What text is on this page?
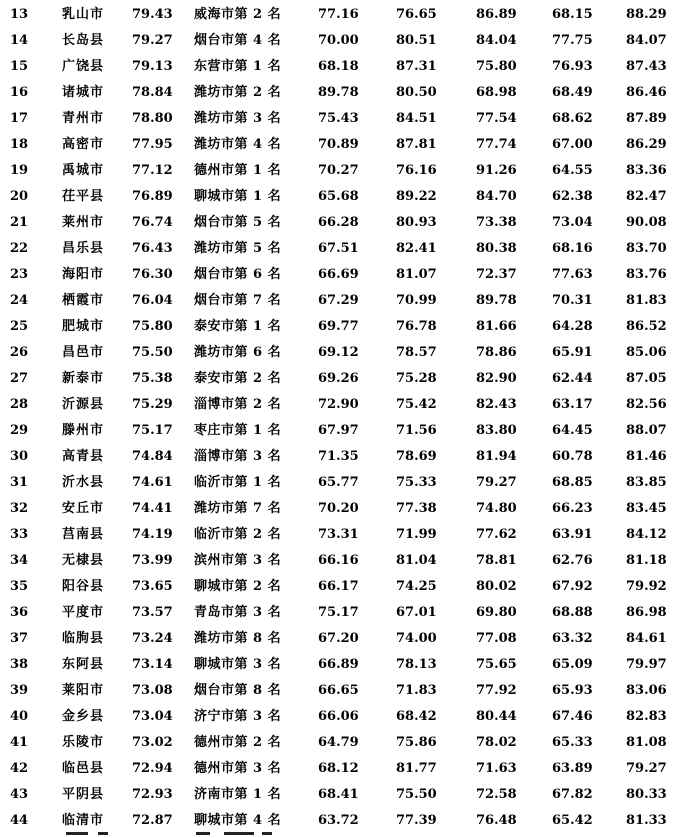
13	乳山市	79.43	威海市第 2 名	77.16	76.65	86.89	68.15	88.29
14	长岛县	79.27	烟台市第 4 名	70.00	80.51	84.04	77.75	84.07
15	广饶县	79.13	东营市第 1 名	68.18	87.31	75.80	76.93	87.43
16	诸城市	78.84	潍坊市第 2 名	89.78	80.50	68.98	68.49	86.46
17	青州市	78.80	潍坊市第 3 名	75.43	84.51	77.54	68.62	87.89
18	高密市	77.95	潍坊市第 4 名	70.89	87.81	77.74	67.00	86.29
19	禹城市	77.12	德州市第 1 名	70.27	76.16	91.26	64.55	83.36
20	茌平县	76.89	聊城市第 1 名	65.68	89.22	84.70	62.38	82.47
21	莱州市	76.74	烟台市第 5 名	66.28	80.93	73.38	73.04	90.08
22	昌乐县	76.43	潍坊市第 5 名	67.51	82.41	80.38	68.16	83.70
23	海阳市	76.30	烟台市第 6 名	66.69	81.07	72.37	77.63	83.76
24	栖霞市	76.04	烟台市第 7 名	67.29	70.99	89.78	70.31	81.83
25	肥城市	75.80	泰安市第 1 名	69.77	76.78	81.66	64.28	86.52
26	昌邑市	75.50	潍坊市第 6 名	69.12	78.57	78.86	65.91	85.06
27	新泰市	75.38	泰安市第 2 名	69.26	75.28	82.90	62.44	87.05
28	沂源县	75.29	淄博市第 2 名	72.90	75.42	82.43	63.17	82.56
29	滕州市	75.17	枣庄市第 1 名	67.97	71.56	83.80	64.45	88.07
30	高青县	74.84	淄博市第 3 名	71.35	78.69	81.94	60.78	81.46
31	沂水县	74.61	临沂市第 1 名	65.77	75.33	79.27	68.85	83.85
32	安丘市	74.41	潍坊市第 7 名	70.20	77.38	74.80	66.23	83.45
33	莒南县	74.19	临沂市第 2 名	73.31	71.99	77.62	63.91	84.12
34	无棣县	73.99	滨州市第 3 名	66.16	81.04	78.81	62.76	81.18
35	阳谷县	73.65	聊城市第 2 名	66.17	74.25	80.02	67.92	79.92
36	平度市	73.57	青岛市第 3 名	75.17	67.01	69.80	68.88	86.98
37	临朐县	73.24	潍坊市第 8 名	67.20	74.00	77.08	63.32	84.61
38	东阿县	73.14	聊城市第 3 名	66.89	78.13	75.65	65.09	79.97
39	莱阳市	73.08	烟台市第 8 名	66.65	71.83	77.92	65.93	83.06
40	金乡县	73.04	济宁市第 3 名	66.06	68.42	80.44	67.46	82.83
41	乐陵市	73.02	德州市第 2 名	64.79	75.86	78.02	65.33	81.08
42	临邑县	72.94	德州市第 3 名	68.12	81.77	71.63	63.89	79.27
43	平阴县	72.93	济南市第 1 名	68.41	75.50	72.58	67.82	80.33
44	临清市	72.87	聊城市第 4 名	63.72	77.39	76.48	65.42	81.33
